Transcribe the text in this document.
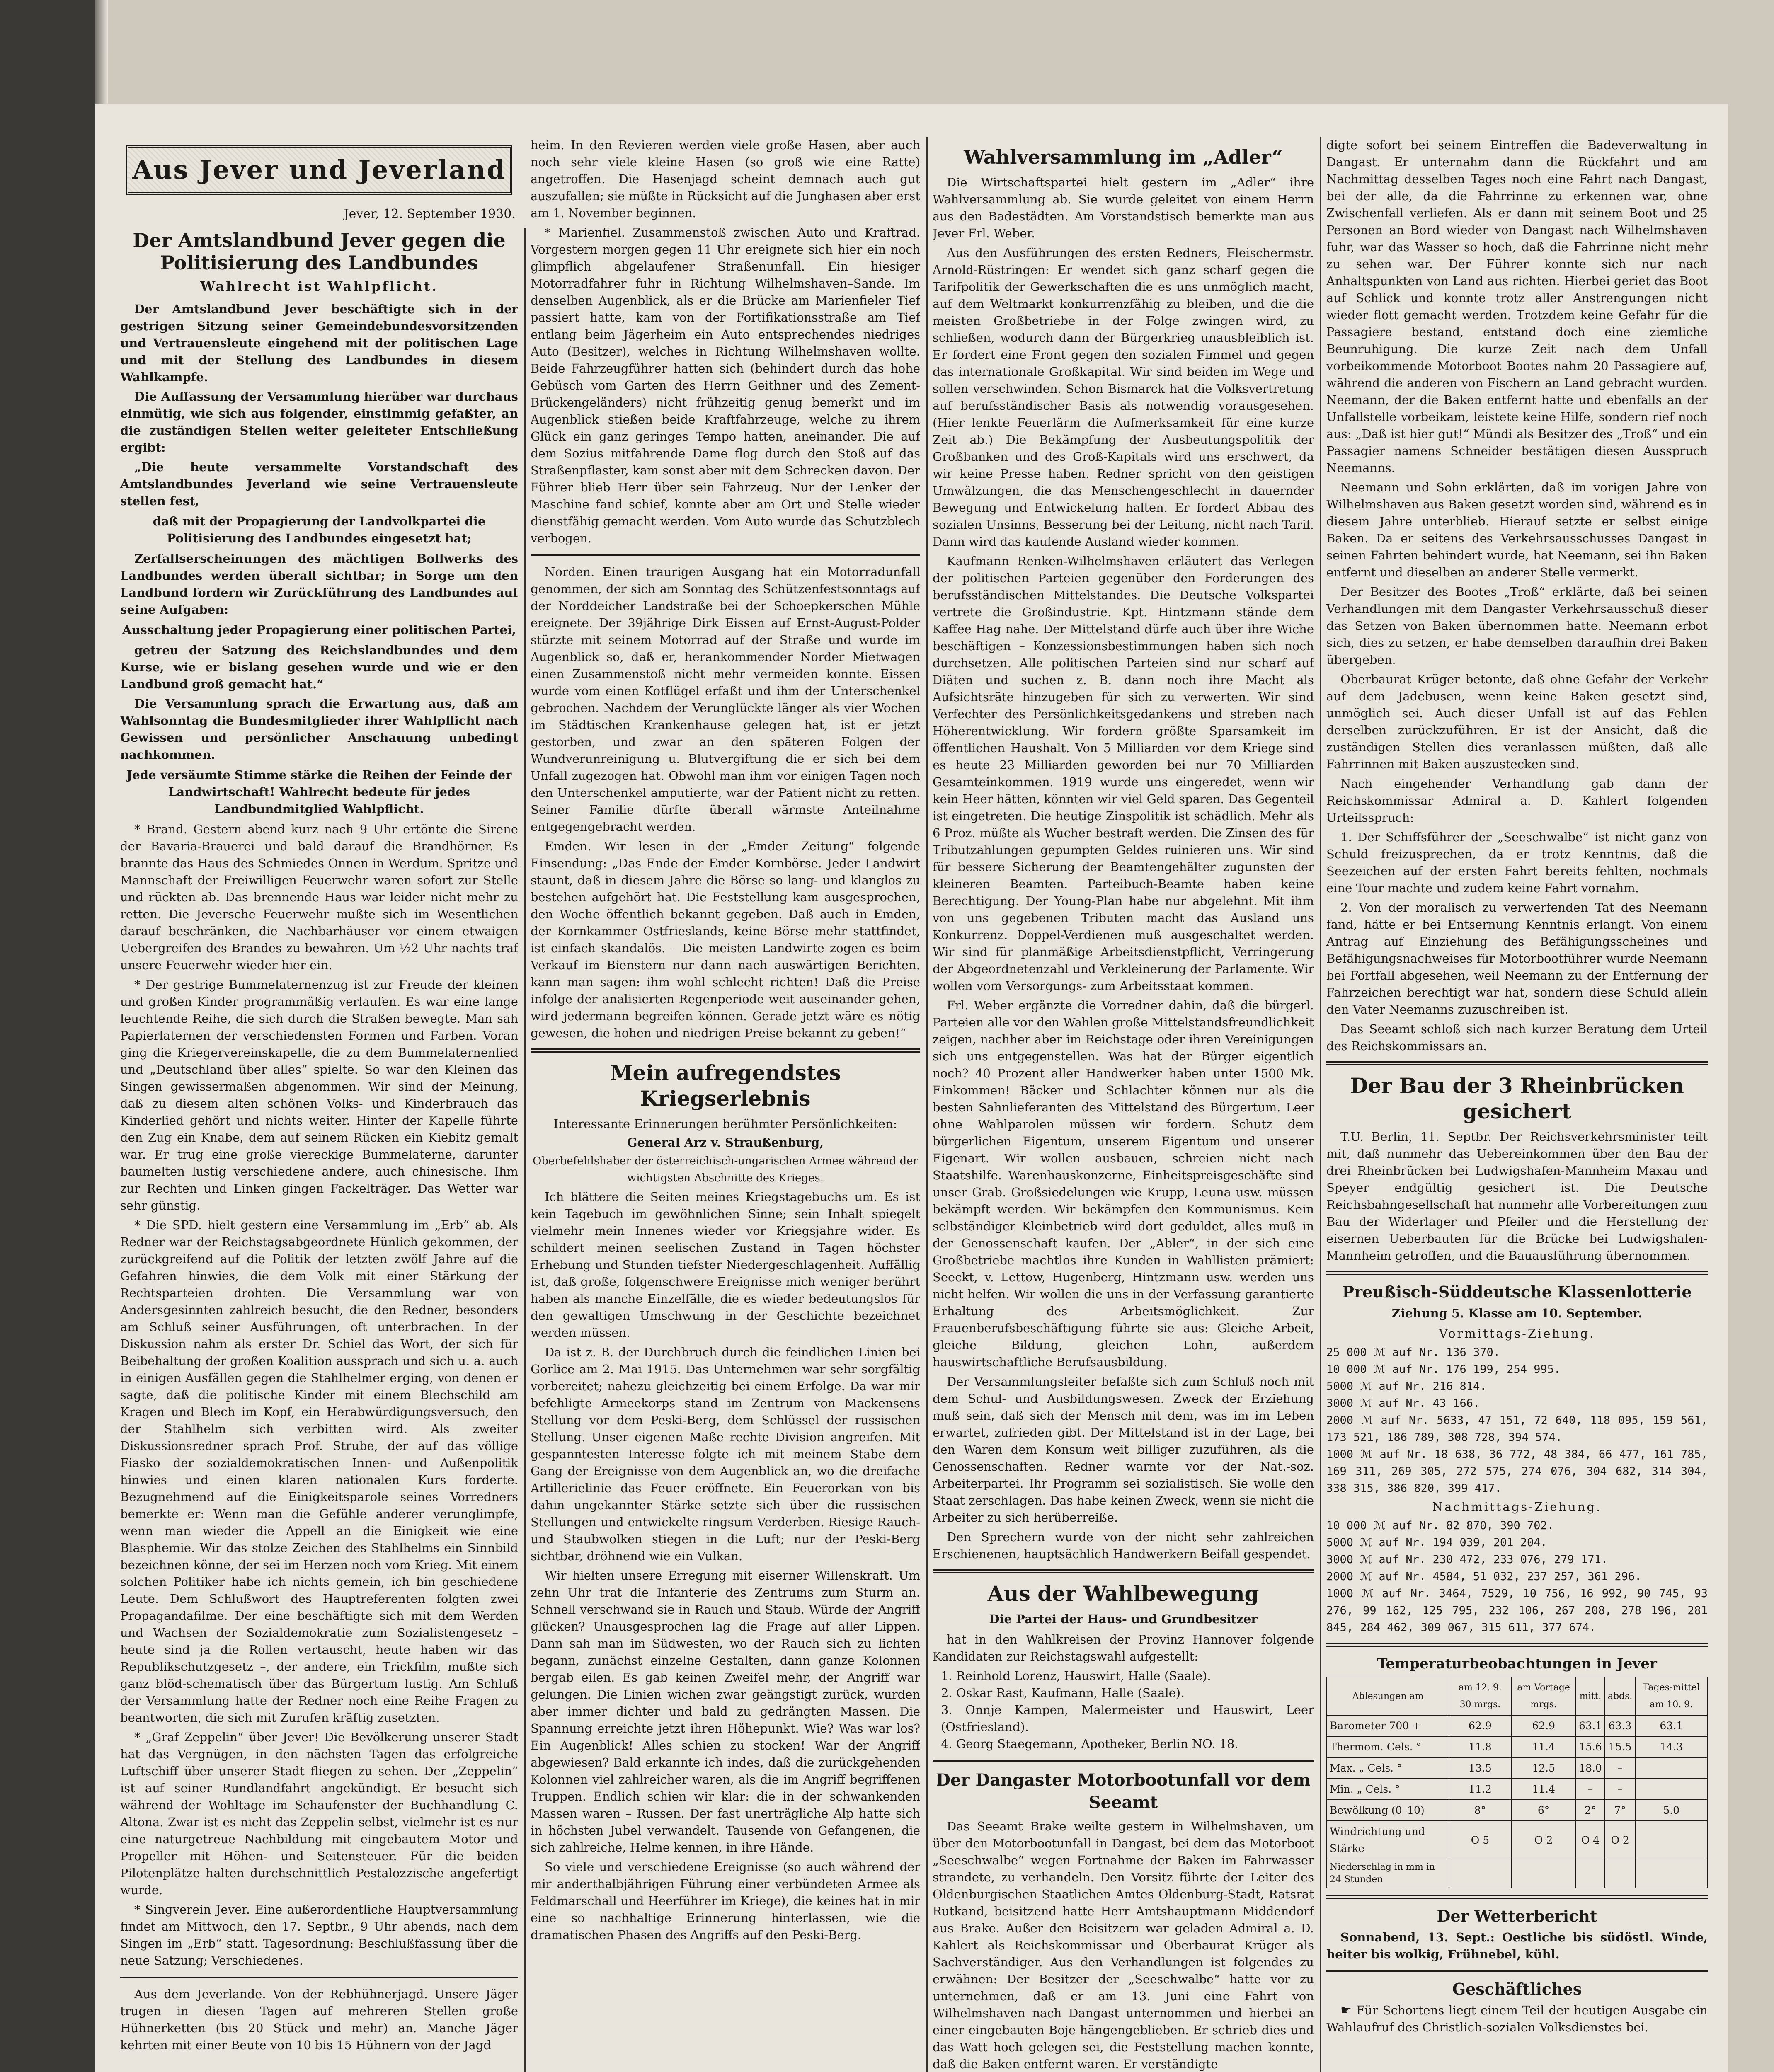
Aus Jever und Jeverland
Jever, 12. September 1930.
Der Amtslandbund Jever gegen die Politisierung des Landbundes
Wahlrecht ist Wahlpflicht.

Der Amtslandbund Jever beschäftigte sich in der gestrigen Sitzung seiner Gemeindebundesvorsitzenden und Vertrauensleute eingehend mit der politischen Lage und mit der Stellung des Landbundes in diesem Wahlkampfe.

Die Auffassung der Versammlung hierüber war durchaus einmütig, wie sich aus folgender, einstimmig gefaßter, an die zuständigen Stellen weiter geleiteter Entschließung ergibt:

„Die heute versammelte Vorstandschaft des Amtslandbundes Jeverland wie seine Vertrauensleute stellen fest,

daß mit der Propagierung der Landvolkpartei die Politisierung des Landbundes eingesetzt hat;

Zerfallserscheinungen des mächtigen Bollwerks des Landbundes werden überall sichtbar; in Sorge um den Landbund fordern wir Zurückführung des Landbundes auf seine Aufgaben:

Ausschaltung jeder Propagierung einer politischen Partei,

getreu der Satzung des Reichslandbundes und dem Kurse, wie er bislang gesehen wurde und wie er den Landbund groß gemacht hat.“

Die Versammlung sprach die Erwartung aus, daß am Wahlsonntag die Bundesmitglieder ihrer Wahlpflicht nach Gewissen und persönlicher Anschauung unbedingt nachkommen.

Jede versäumte Stimme stärke die Reihen der Feinde der Landwirtschaft! Wahlrecht bedeute für jedes Landbundmitglied Wahlpflicht.

* Brand. Gestern abend kurz nach 9 Uhr ertönte die Sirene der Bavaria-Brauerei und bald darauf die Brandhörner. Es brannte das Haus des Schmiedes Onnen in Werdum. Spritze und Mannschaft der Freiwilligen Feuerwehr waren sofort zur Stelle und rückten ab. Das brennende Haus war leider nicht mehr zu retten. Die Jeversche Feuerwehr mußte sich im Wesentlichen darauf beschränken, die Nachbarhäuser vor einem etwaigen Uebergreifen des Brandes zu bewahren. Um ½2 Uhr nachts traf unsere Feuerwehr wieder hier ein.

* Der gestrige Bummelaternenzug ist zur Freude der kleinen und großen Kinder programmäßig verlaufen. Es war eine lange leuchtende Reihe, die sich durch die Straßen bewegte. Man sah Papierlaternen der verschiedensten Formen und Farben. Voran ging die Kriegervereinskapelle, die zu dem Bummelaternenlied und „Deutschland über alles“ spielte. So war den Kleinen das Singen gewissermaßen abgenommen. Wir sind der Meinung, daß zu diesem alten schönen Volks- und Kinderbrauch das Kinderlied gehört und nichts weiter. Hinter der Kapelle führte den Zug ein Knabe, dem auf seinem Rücken ein Kiebitz gemalt war. Er trug eine große viereckige Bummelaterne, darunter baumelten lustig verschiedene andere, auch chinesische. Ihm zur Rechten und Linken gingen Fackelträger. Das Wetter war sehr günstig.

* Die SPD. hielt gestern eine Versammlung im „Erb“ ab. Als Redner war der Reichstagsabgeordnete Hünlich gekommen, der zurückgreifend auf die Politik der letzten zwölf Jahre auf die Gefahren hinwies, die dem Volk mit einer Stärkung der Rechtsparteien drohten. Die Versammlung war von Andersgesinnten zahlreich besucht, die den Redner, besonders am Schluß seiner Ausführungen, oft unterbrachen. In der Diskussion nahm als erster Dr. Schiel das Wort, der sich für Beibehaltung der großen Koalition aussprach und sich u. a. auch in einigen Ausfällen gegen die Stahlhelmer erging, von denen er sagte, daß die politische Kinder mit einem Blechschild am Kragen und Blech im Kopf, ein Herabwürdigungsversuch, den der Stahlhelm sich verbitten wird. Als zweiter Diskussionsredner sprach Prof. Strube, der auf das völlige Fiasko der sozialdemokratischen Innen- und Außenpolitik hinwies und einen klaren nationalen Kurs forderte. Bezugnehmend auf die Einigkeitsparole seines Vorredners bemerkte er: Wenn man die Gefühle anderer verunglimpfe, wenn man wieder die Appell an die Einigkeit wie eine Blasphemie. Wir das stolze Zeichen des Stahlhelms ein Sinnbild bezeichnen könne, der sei im Herzen noch vom Krieg. Mit einem solchen Politiker habe ich nichts gemein, ich bin geschiedene Leute. Dem Schlußwort des Hauptreferenten folgten zwei Propagandafilme. Der eine beschäftigte sich mit dem Werden und Wachsen der Sozialdemokratie zum Sozialistengesetz – heute sind ja die Rollen vertauscht, heute haben wir das Republikschutzgesetz –, der andere, ein Trickfilm, mußte sich ganz blöd-schematisch über das Bürgertum lustig. Am Schluß der Versammlung hatte der Redner noch eine Reihe Fragen zu beantworten, die sich mit Zurufen kräftig zusetzten.

* „Graf Zeppelin“ über Jever! Die Bevölkerung unserer Stadt hat das Vergnügen, in den nächsten Tagen das erfolgreiche Luftschiff über unserer Stadt fliegen zu sehen. Der „Zeppelin“ ist auf seiner Rundlandfahrt angekündigt. Er besucht sich während der Wohltage im Schaufenster der Buchhandlung C. Altona. Zwar ist es nicht das Zeppelin selbst, vielmehr ist es nur eine naturgetreue Nachbildung mit eingebautem Motor und Propeller mit Höhen- und Seitensteuer. Für die beiden Pilotenplätze halten durchschnittlich Pestalozzische angefertigt wurde.

* Singverein Jever. Eine außerordentliche Hauptversammlung findet am Mittwoch, den 17. Septbr., 9 Uhr abends, nach dem Singen im „Erb“ statt. Tagesordnung: Beschlußfassung über die neue Satzung; Verschiedenes.

Aus dem Jeverlande. Von der Rebhühnerjagd. Unsere Jäger trugen in diesen Tagen auf mehreren Stellen große Hühnerketten (bis 20 Stück und mehr) an. Manche Jäger kehrten mit einer Beute von 10 bis 15 Hühnern von der Jagd

heim. In den Revieren werden viele große Hasen, aber auch noch sehr viele kleine Hasen (so groß wie eine Ratte) angetroffen. Die Hasenjagd scheint demnach auch gut auszufallen; sie müßte in Rücksicht auf die Junghasen aber erst am 1. November beginnen.

* Marienfiel. Zusammenstoß zwischen Auto und Kraftrad. Vorgestern morgen gegen 11 Uhr ereignete sich hier ein noch glimpflich abgelaufener Straßenunfall. Ein hiesiger Motorradfahrer fuhr in Richtung Wilhelmshaven–Sande. Im denselben Augenblick, als er die Brücke am Marienfieler Tief passiert hatte, kam von der Fortifikationsstraße am Tief entlang beim Jägerheim ein Auto entsprechendes niedriges Auto (Besitzer), welches in Richtung Wilhelmshaven wollte. Beide Fahrzeugführer hatten sich (behindert durch das hohe Gebüsch vom Garten des Herrn Geithner und des Zement-Brückengeländers) nicht frühzeitig genug bemerkt und im Augenblick stießen beide Kraftfahrzeuge, welche zu ihrem Glück ein ganz geringes Tempo hatten, aneinander. Die auf dem Sozius mitfahrende Dame flog durch den Stoß auf das Straßenpflaster, kam sonst aber mit dem Schrecken davon. Der Führer blieb Herr über sein Fahrzeug. Nur der Lenker der Maschine fand schief, konnte aber am Ort und Stelle wieder dienstfähig gemacht werden. Vom Auto wurde das Schutzblech verbogen.

Norden. Einen traurigen Ausgang hat ein Motorradunfall genommen, der sich am Sonntag des Schützenfestsonntags auf der Norddeicher Landstraße bei der Schoepkerschen Mühle ereignete. Der 39jährige Dirk Eissen auf Ernst-August-Polder stürzte mit seinem Motorrad auf der Straße und wurde im Augenblick so, daß er, herankommender Norder Mietwagen einen Zusammenstoß nicht mehr vermeiden konnte. Eissen wurde vom einen Kotflügel erfaßt und ihm der Unterschenkel gebrochen. Nachdem der Verunglückte länger als vier Wochen im Städtischen Krankenhause gelegen hat, ist er jetzt gestorben, und zwar an den späteren Folgen der Wundverunreinigung u. Blutvergiftung die er sich bei dem Unfall zugezogen hat. Obwohl man ihm vor einigen Tagen noch den Unterschenkel amputierte, war der Patient nicht zu retten. Seiner Familie dürfte überall wärmste Anteilnahme entgegengebracht werden.

Emden. Wir lesen in der „Emder Zeitung“ folgende Einsendung: „Das Ende der Emder Kornbörse. Jeder Landwirt staunt, daß in diesem Jahre die Börse so lang- und klanglos zu bestehen aufgehört hat. Die Feststellung kam ausgesprochen, den Woche öffentlich bekannt gegeben. Daß auch in Emden, der Kornkammer Ostfrieslands, keine Börse mehr stattfindet, ist einfach skandalös. – Die meisten Landwirte zogen es beim Verkauf im Bienstern nur dann nach auswärtigen Berichten. kann man sagen: ihm wohl schlecht richten! Daß die Preise infolge der analisierten Regenperiode weit auseinander gehen, wird jedermann begreifen können. Gerade jetzt wäre es nötig gewesen, die hohen und niedrigen Preise bekannt zu geben!“

Mein aufregendstes Kriegserlebnis
Interessante Erinnerungen berühmter Persönlichkeiten:
General Arz v. Straußenburg,
Oberbefehlshaber der österreichisch-ungarischen Armee während der wichtigsten Abschnitte des Krieges.

Ich blättere die Seiten meines Kriegstagebuchs um. Es ist kein Tagebuch im gewöhnlichen Sinne; sein Inhalt spiegelt vielmehr mein Innenes wieder vor Kriegsjahre wider. Es schildert meinen seelischen Zustand in Tagen höchster Erhebung und Stunden tiefster Niedergeschlagenheit. Auffällig ist, daß große, folgenschwere Ereignisse mich weniger berührt haben als manche Einzelfälle, die es wieder bedeutungslos für den gewaltigen Umschwung in der Geschichte bezeichnet werden müssen.

Da ist z. B. der Durchbruch durch die feindlichen Linien bei Gorlice am 2. Mai 1915. Das Unternehmen war sehr sorgfältig vorbereitet; nahezu gleichzeitig bei einem Erfolge. Da war mir befehligte Armeekorps stand im Zentrum von Mackensens Stellung vor dem Peski-Berg, dem Schlüssel der russischen Stellung. Unser eigenen Maße rechte Division angreifen. Mit gespanntesten Interesse folgte ich mit meinem Stabe dem Gang der Ereignisse von dem Augenblick an, wo die dreifache Artillerielinie das Feuer eröffnete. Ein Feuerorkan von bis dahin ungekannter Stärke setzte sich über die russischen Stellungen und entwickelte ringsum Verderben. Riesige Rauch- und Staubwolken stiegen in die Luft; nur der Peski-Berg sichtbar, dröhnend wie ein Vulkan.

Wir hielten unsere Erregung mit eiserner Willenskraft. Um zehn Uhr trat die Infanterie des Zentrums zum Sturm an. Schnell verschwand sie in Rauch und Staub. Würde der Angriff glücken? Unausgesprochen lag die Frage auf aller Lippen. Dann sah man im Südwesten, wo der Rauch sich zu lichten begann, zunächst einzelne Gestalten, dann ganze Kolonnen bergab eilen. Es gab keinen Zweifel mehr, der Angriff war gelungen. Die Linien wichen zwar geängstigt zurück, wurden aber immer dichter und bald zu gedrängten Massen. Die Spannung erreichte jetzt ihren Höhepunkt. Wie? Was war los? Ein Augenblick! Alles schien zu stocken! War der Angriff abgewiesen? Bald erkannte ich indes, daß die zurückgehenden Kolonnen viel zahlreicher waren, als die im Angriff begriffenen Truppen. Endlich schien wir klar: die in der schwankenden Massen waren – Russen. Der fast unerträgliche Alp hatte sich in höchsten Jubel verwandelt. Tausende von Gefangenen, die sich zahlreiche, Helme kennen, in ihre Hände.

So viele und verschiedene Ereignisse (so auch während der mir anderthalbjährigen Führung einer verbündeten Armee als Feldmarschall und Heerführer im Kriege), die keines hat in mir eine so nachhaltige Erinnerung hinterlassen, wie die dramatischen Phasen des Angriffs auf den Peski-Berg.

Wahlversammlung im „Adler“

Die Wirtschaftspartei hielt gestern im „Adler“ ihre Wahlversammlung ab. Sie wurde geleitet von einem Herrn aus den Badestädten. Am Vorstandstisch bemerkte man aus Jever Frl. Weber.

Aus den Ausführungen des ersten Redners, Fleischermstr. Arnold-Rüstringen: Er wendet sich ganz scharf gegen die Tarifpolitik der Gewerkschaften die es uns unmöglich macht, auf dem Weltmarkt konkurrenzfähig zu bleiben, und die die meisten Großbetriebe in der Folge zwingen wird, zu schließen, wodurch dann der Bürgerkrieg unausbleiblich ist. Er fordert eine Front gegen den sozialen Fimmel und gegen das internationale Großkapital. Wir sind beiden im Wege und sollen verschwinden. Schon Bismarck hat die Volksvertretung auf berufsständischer Basis als notwendig vorausgesehen. (Hier lenkte Feuerlärm die Aufmerksamkeit für eine kurze Zeit ab.) Die Bekämpfung der Ausbeutungspolitik der Großbanken und des Groß-Kapitals wird uns erschwert, da wir keine Presse haben. Redner spricht von den geistigen Umwälzungen, die das Menschengeschlecht in dauernder Bewegung und Entwickelung halten. Er fordert Abbau des sozialen Unsinns, Besserung bei der Leitung, nicht nach Tarif. Dann wird das kaufende Ausland wieder kommen.

Kaufmann Renken-Wilhelmshaven erläutert das Verlegen der politischen Parteien gegenüber den Forderungen des berufsständischen Mittelstandes. Die Deutsche Volkspartei vertrete die Großindustrie. Kpt. Hintzmann stände dem Kaffee Hag nahe. Der Mittelstand dürfe auch über ihre Wiche beschäftigen – Konzessionsbestimmungen haben sich noch durchsetzen. Alle politischen Parteien sind nur scharf auf Diäten und suchen z. B. dann noch ihre Macht als Aufsichtsräte hinzugeben für sich zu verwerten. Wir sind Verfechter des Persönlichkeitsgedankens und streben nach Höherentwicklung. Wir fordern größte Sparsamkeit im öffentlichen Haushalt. Von 5 Milliarden vor dem Kriege sind es heute 23 Milliarden geworden bei nur 70 Milliarden Gesamteinkommen. 1919 wurde uns eingeredet, wenn wir kein Heer hätten, könnten wir viel Geld sparen. Das Gegenteil ist eingetreten. Die heutige Zinspolitik ist schädlich. Mehr als 6 Proz. müßte als Wucher bestraft werden. Die Zinsen des für Tributzahlungen gepumpten Geldes ruinieren uns. Wir sind für bessere Sicherung der Beamtengehälter zugunsten der kleineren Beamten. Parteibuch-Beamte haben keine Berechtigung. Der Young-Plan habe nur abgelehnt. Mit ihm von uns gegebenen Tributen macht das Ausland uns Konkurrenz. Doppel-Verdienen muß ausgeschaltet werden. Wir sind für planmäßige Arbeitsdienstpflicht, Verringerung der Abgeordnetenzahl und Verkleinerung der Parlamente. Wir wollen vom Versorgungs- zum Arbeitsstaat kommen.

Frl. Weber ergänzte die Vorredner dahin, daß die bürgerl. Parteien alle vor den Wahlen große Mittelstandsfreundlichkeit zeigen, nachher aber im Reichstage oder ihren Vereinigungen sich uns entgegenstellen. Was hat der Bürger eigentlich noch? 40 Prozent aller Handwerker haben unter 1500 Mk. Einkommen! Bäcker und Schlachter können nur als die besten Sahnlieferanten des Mittelstand des Bürgertum. Leer ohne Wahlparolen müssen wir fordern. Schutz dem bürgerlichen Eigentum, unserem Eigentum und unserer Eigenart. Wir wollen ausbauen, schreien nicht nach Staatshilfe. Warenhauskonzerne, Einheitspreisgeschäfte sind unser Grab. Großsiedelungen wie Krupp, Leuna usw. müssen bekämpft werden. Wir bekämpfen den Kommunismus. Kein selbständiger Kleinbetrieb wird dort geduldet, alles muß in der Genossenschaft kaufen. Der „Abler“, in der sich eine Großbetriebe machtlos ihre Kunden in Wahllisten prämiert: Seeckt, v. Lettow, Hugenberg, Hintzmann usw. werden uns nicht helfen. Wir wollen die uns in der Verfassung garantierte Erhaltung des Arbeitsmöglichkeit. Zur Frauenberufsbeschäftigung führte sie aus: Gleiche Arbeit, gleiche Bildung, gleichen Lohn, außerdem hauswirtschaftliche Berufsausbildung.

Der Versammlungsleiter befaßte sich zum Schluß noch mit dem Schul- und Ausbildungswesen. Zweck der Erziehung muß sein, daß sich der Mensch mit dem, was im im Leben erwartet, zufrieden gibt. Der Mittelstand ist in der Lage, bei den Waren dem Konsum weit billiger zuzuführen, als die Genossenschaften. Redner warnte vor der Nat.-soz. Arbeiterpartei. Ihr Programm sei sozialistisch. Sie wolle den Staat zerschlagen. Das habe keinen Zweck, wenn sie nicht die Arbeiter zu sich herüberreiße.

Den Sprechern wurde von der nicht sehr zahlreichen Erschienenen, hauptsächlich Handwerkern Beifall gespendet.

Aus der Wahlbewegung
Die Partei der Haus- und Grundbesitzer

hat in den Wahlkreisen der Provinz Hannover folgende Kandidaten zur Reichstagswahl aufgestellt:

1. Reinhold Lorenz, Hauswirt, Halle (Saale).
2. Oskar Rast, Kaufmann, Halle (Saale).
3. Onnje Kampen, Malermeister und Hauswirt, Leer (Ostfriesland).
4. Georg Staegemann, Apotheker, Berlin NO. 18.
Der Dangaster Motorbootunfall vor dem Seeamt

Das Seeamt Brake weilte gestern in Wilhelmshaven, um über den Motorbootunfall in Dangast, bei dem das Motorboot „Seeschwalbe“ wegen Fortnahme der Baken im Fahrwasser strandete, zu verhandeln. Den Vorsitz führte der Leiter des Oldenburgischen Staatlichen Amtes Oldenburg-Stadt, Ratsrat Rutkand, beisitzend hatte Herr Amtshauptmann Middendorf aus Brake. Außer den Beisitzern war geladen Admiral a. D. Kahlert als Reichskommissar und Oberbaurat Krüger als Sachverständiger. Aus den Verhandlungen ist folgendes zu erwähnen: Der Besitzer der „Seeschwalbe“ hatte vor zu unternehmen, daß er am 13. Juni eine Fahrt von Wilhelmshaven nach Dangast unternommen und hierbei an einer eingebauten Boje hängengeblieben. Er schrieb dies und das Watt hoch gelegen sei, die Feststellung machen konnte, daß die Baken entfernt waren. Er verständigte

digte sofort bei seinem Eintreffen die Badeverwaltung in Dangast. Er unternahm dann die Rückfahrt und am Nachmittag desselben Tages noch eine Fahrt nach Dangast, bei der alle, da die Fahrrinne zu erkennen war, ohne Zwischenfall verliefen. Als er dann mit seinem Boot und 25 Personen an Bord wieder von Dangast nach Wilhelmshaven fuhr, war das Wasser so hoch, daß die Fahrrinne nicht mehr zu sehen war. Der Führer konnte sich nur nach Anhaltspunkten von Land aus richten. Hierbei geriet das Boot auf Schlick und konnte trotz aller Anstrengungen nicht wieder flott gemacht werden. Trotzdem keine Gefahr für die Passagiere bestand, entstand doch eine ziemliche Beunruhigung. Die kurze Zeit nach dem Unfall vorbeikommende Motorboot Bootes nahm 20 Passagiere auf, während die anderen von Fischern an Land gebracht wurden. Neemann, der die Baken entfernt hatte und ebenfalls an der Unfallstelle vorbeikam, leistete keine Hilfe, sondern rief noch aus: „Daß ist hier gut!“ Mündi als Besitzer des „Troß“ und ein Passagier namens Schneider bestätigen diesen Ausspruch Neemanns.

Neemann und Sohn erklärten, daß im vorigen Jahre von Wilhelmshaven aus Baken gesetzt worden sind, während es in diesem Jahre unterblieb. Hierauf setzte er selbst einige Baken. Da er seitens des Verkehrsausschusses Dangast in seinen Fahrten behindert wurde, hat Neemann, sei ihn Baken entfernt und dieselben an anderer Stelle vermerkt.

Der Besitzer des Bootes „Troß“ erklärte, daß bei seinen Verhandlungen mit dem Dangaster Verkehrsausschuß dieser das Setzen von Baken übernommen hatte. Neemann erbot sich, dies zu setzen, er habe demselben daraufhin drei Baken übergeben.

Oberbaurat Krüger betonte, daß ohne Gefahr der Verkehr auf dem Jadebusen, wenn keine Baken gesetzt sind, unmöglich sei. Auch dieser Unfall ist auf das Fehlen derselben zurückzuführen. Er ist der Ansicht, daß die zuständigen Stellen dies veranlassen müßten, daß alle Fahrrinnen mit Baken auszustecken sind.

Nach eingehender Verhandlung gab dann der Reichskommissar Admiral a. D. Kahlert folgenden Urteilsspruch:

1. Der Schiffsführer der „Seeschwalbe“ ist nicht ganz von Schuld freizusprechen, da er trotz Kenntnis, daß die Seezeichen auf der ersten Fahrt bereits fehlten, nochmals eine Tour machte und zudem keine Fahrt vornahm.

2. Von der moralisch zu verwerfenden Tat des Neemann fand, hätte er bei Entsernung Kenntnis erlangt. Von einem Antrag auf Einziehung des Befähigungsscheines und Befähigungsnachweises für Motorbootführer wurde Neemann bei Fortfall abgesehen, weil Neemann zu der Entfernung der Fahrzeichen berechtigt war hat, sondern diese Schuld allein den Vater Neemanns zuzuschreiben ist.

Das Seeamt schloß sich nach kurzer Beratung dem Urteil des Reichskommissars an.

Der Bau der 3 Rheinbrücken gesichert

T.U. Berlin, 11. Septbr. Der Reichsverkehrsminister teilt mit, daß nunmehr das Uebereinkommen über den Bau der drei Rheinbrücken bei Ludwigshafen-Mannheim Maxau und Speyer endgültig gesichert ist. Die Deutsche Reichsbahngesellschaft hat nunmehr alle Vorbereitungen zum Bau der Widerlager und Pfeiler und die Herstellung der eisernen Ueberbauten für die Brücke bei Ludwigshafen-Mannheim getroffen, und die Bauausführung übernommen.

Preußisch-Süddeutsche Klassenlotterie
Ziehung 5. Klasse am 10. September.
Vormittags-Ziehung.
25 000 ℳ auf Nr. 136 370.
10 000 ℳ auf Nr. 176 199, 254 995.
5000 ℳ auf Nr. 216 814.
3000 ℳ auf Nr. 43 166.
2000 ℳ auf Nr. 5633, 47 151, 72 640, 118 095, 159 561, 173 521, 186 789, 308 728, 394 574.
1000 ℳ auf Nr. 18 638, 36 772, 48 384, 66 477, 161 785, 169 311, 269 305, 272 575, 274 076, 304 682, 314 304, 338 315, 386 820, 399 417.
Nachmittags-Ziehung.
10 000 ℳ auf Nr. 82 870, 390 702.
5000 ℳ auf Nr. 194 039, 201 204.
3000 ℳ auf Nr. 230 472, 233 076, 279 171.
2000 ℳ auf Nr. 4584, 51 032, 237 257, 361 296.
1000 ℳ auf Nr. 3464, 7529, 10 756, 16 992, 90 745, 93 276, 99 162, 125 795, 232 106, 267 208, 278 196, 281 845, 284 462, 309 067, 315 611, 377 674.
Temperaturbeobachtungen in Jever
Ablesungen am	am 12. 9. 30 mrgs.	am Vortage mrgs.	mitt.	abds.	Tages-mittel am 10. 9.
Barometer 700 +	62.9	62.9	63.1	63.3	63.1
Thermom. Cels. °	11.8	11.4	15.6	15.5	14.3
Max. „ Cels. °	13.5	12.5	18.0	–	
Min. „ Cels. °	11.2	11.4	–	–	
Bewölkung (0–10)	8°	6°	2°	7°	5.0
Windrichtung und Stärke	O 5	O 2	O 4	O 2	
Niederschlag in mm in 24 Stunden					
Der Wetterbericht

Sonnabend, 13. Sept.: Oestliche bis südöstl. Winde, heiter bis wolkig, Frühnebel, kühl.

Geschäftliches

☛ Für Schortens liegt einem Teil der heutigen Ausgabe ein Wahlaufruf des Christlich-sozialen Volksdienstes bei.
